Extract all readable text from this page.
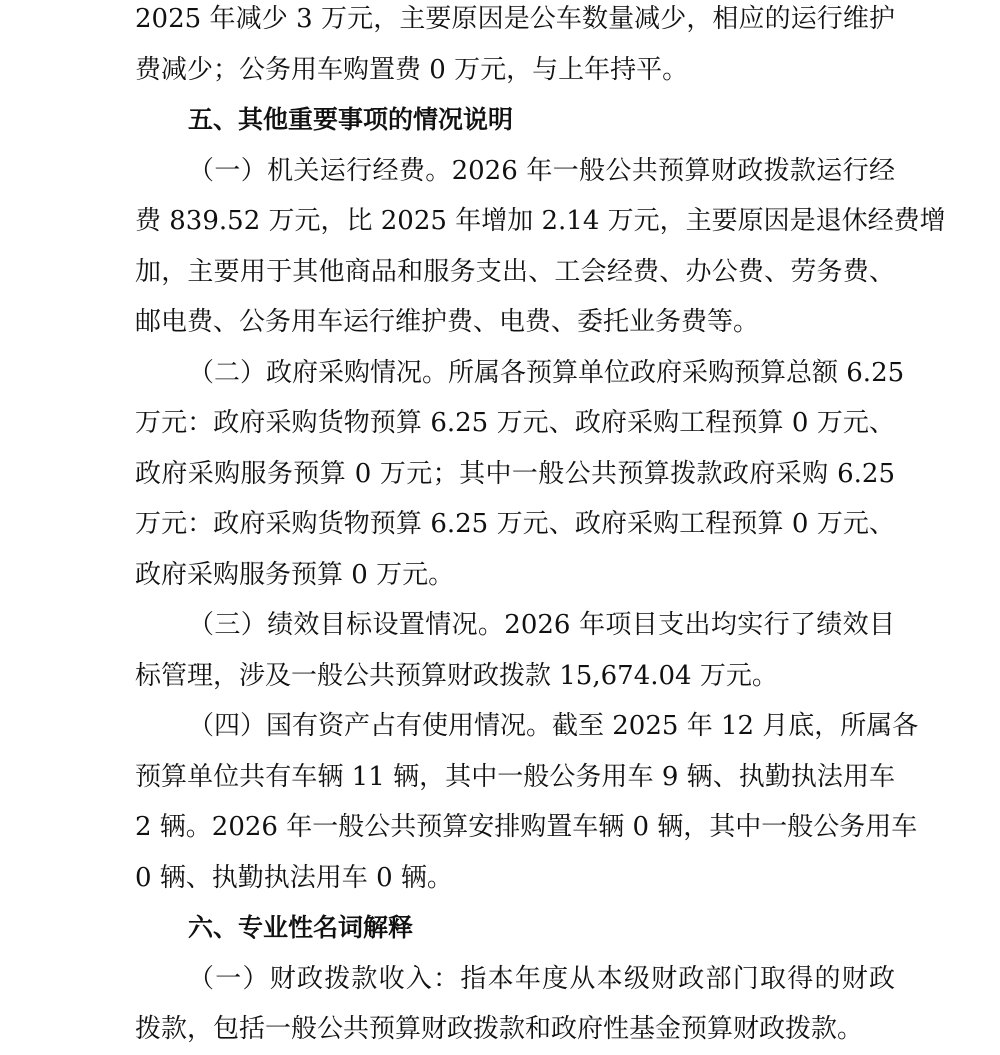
2025 年减少 3 万元，主要原因是公车数量减少，相应的运行维护
费减少；公务用车购置费 0 万元，与上年持平。
五、其他重要事项的情况说明
（一）机关运行经费。2026 年一般公共预算财政拨款运行经
费 839.52 万元，比 2025 年增加 2.14 万元，主要原因是退休经费增
加，主要用于其他商品和服务支出、工会经费、办公费、劳务费、
邮电费、公务用车运行维护费、电费、委托业务费等。
（二）政府采购情况。所属各预算单位政府采购预算总额 6.25
万元：政府采购货物预算 6.25 万元、政府采购工程预算 0 万元、
政府采购服务预算 0 万元；其中一般公共预算拨款政府采购 6.25
万元：政府采购货物预算 6.25 万元、政府采购工程预算 0 万元、
政府采购服务预算 0 万元。
（三）绩效目标设置情况。2026 年项目支出均实行了绩效目
标管理，涉及一般公共预算财政拨款 15,674.04 万元。
（四）国有资产占有使用情况。截至 2025 年 12 月底，所属各
预算单位共有车辆 11 辆，其中一般公务用车 9 辆、执勤执法用车
2 辆。2026 年一般公共预算安排购置车辆 0 辆，其中一般公务用车
0 辆、执勤执法用车 0 辆。
六、专业性名词解释
（一）财政拨款收入：指本年度从本级财政部门取得的财政
拨款，包括一般公共预算财政拨款和政府性基金预算财政拨款。
